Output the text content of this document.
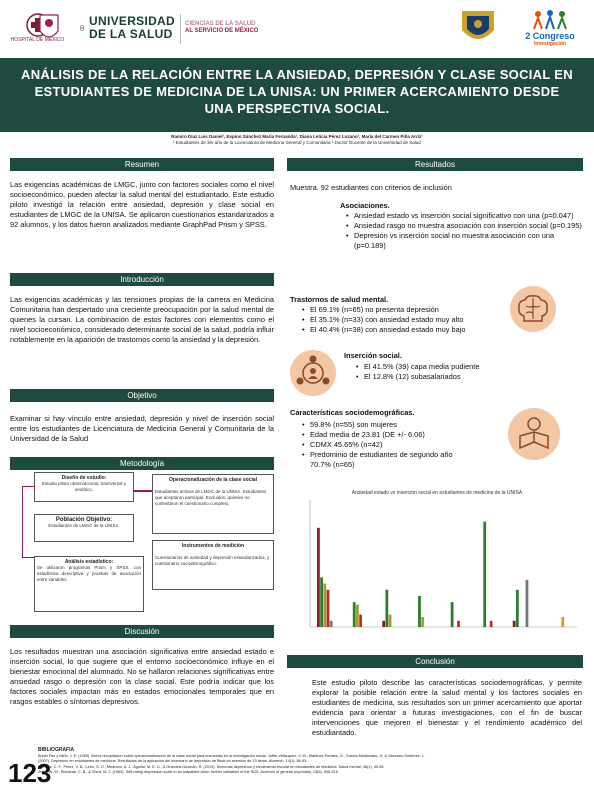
HOSPITAL DE MÉXICO
UNIVERSIDAD
DE LA SALUD
CIENCIAS DE LA SALUD
AL SERVICIO DE MÉXICO	2 Congreso
Investigación
ANÁLISIS DE LA RELACIÓN ENTRE LA ANSIEDAD, DEPRESIÓN Y CLASE SOCIAL EN ESTUDIANTES DE MEDICINA DE LA UNISA: UN PRIMER ACERCAMIENTO DESDE UNA PERSPECTIVA SOCIAL.
Ramiro Díaz Luis Daniel¹, Espino Sánchez María Fernanda¹, Diana Leticia Pérez Lozano², María del Carmen Piña Arriz²
¹ Estudiantes de 3er año de la Licenciatura de Medicina General y Comunitaria ² Doctor Docente de la Universidad de Salud
Resumen
Las exigencias académicas de LMGC, junto con factores sociales como el nivel socioeconómico, pueden afectar la salud mental del estudiantado. Este estudio piloto investigó la relación entre ansiedad, depresión y clase social en estudiantes de LMGC de la UNISA. Se aplicaron cuestionarios estandarizados a 92 alumnos, y los datos fueron analizados mediante GraphPad Prism y SPSS.
Introducción
Las exigencias académicas y las tensiones propias de la carrera en Medicina Comunitaria han despertado una creciente preocupación por la salud mental de quienes la cursan. La combinación de estos factores con elementos como el nivel socioeconómico, considerado determinante social de la salud, podría influir notablemente en la aparición de trastornos como la ansiedad y la depresión.
Objetivo
Examinar si hay vínculo entre ansiedad, depresión y nivel de inserción social entre los estudiantes de Licenciatura de Medicina General y Comunitaria de la Universidad de la Salud
Metodología
Diseño de estudio:
Estudio piloto observacional, transversal y analítico.
Población Objetivo:
Estudiantes de LMGC de la UNISA.
Análisis estadístico:
Se utilizaron programas Prism y SPSS, con estadística descriptiva y pruebas de asociación entre variables.
Operacionalización de la clase social
Estudiantes activos de LMGC de la UNISA. Estudiantes que aceptaron participar. Excluidos: quienes no contestaron el cuestionario completo.
Instrumentos de medición
Cuestionarios de ansiedad y depresión estandarizados, y cuestionario sociodemográfico.
Discusión
Los resultados muestran una asociación significativa entre ansiedad estado e inserción social, lo que sugiere que el entorno socioeconómico influye en el bienestar emocional del alumnado. No se hallaron relaciones significativas entre ansiedad rasgo o depresión con la clase social. Este podría indicar que los factores sociales impactan más en estados emocionales temporales que en rasgos estables o síntomas depresivos.
Resultados
Muestra. 92 estudiantes con criterios de inclusión
Asociaciones.
• Ansiedad estado vs inserción social significativo con una (p=0.047)
• Ansiedad rasgo no muestra asociación con inserción social (p=0.195)
• Depresión vs inserción social no muestra asociación con una (p=0.189)
Trastornos de salud mental.
• El 69.1% (n=65) no presenta depresión
• El 35.1% (n=33) con ansiedad estado muy alto
• El 40.4% (n=38) con ansiedad estado muy bajo
Inserción social.
• El 41.5% (39) capa media pudiente
• El 12.8% (12) subasalariados
Características sociodemográficas.
• 59.8% (n=55) son mujeres
• Edad media de 23.81 (DE +/- 6.06)
• CDMX 45.65% (n=42)
• Predominio de estudiantes de segundo año 70.7% (n=65)
Ansiedad estado vs inserción social en estudiantes de medicina de la UNISA
Conclusión
Este estudio piloto describe las características sociodemográficas, y permite explorar la posible relación entre la salud mental y los factores sociales en estudiantes de medicina, sus resultados son un primer acercamiento que aportar evidencia para orientar a futuras investigaciones, con el fin de buscar intervenciones que mejoren el bienestar y el rendimiento académico del estudiantado.
BIBLIOGRAFIA
Breilh Paz y Miño, J. E. (1989). Breve recopilación sobre operacionalización de la clase social para encuestas en la investigación social. Joffre-Velázquez, V. M., Martínez-Perales, G., García-Maldonado, G. & Sánchez-Gutiérrez, L.
(2007). Depresión en estudiantes de medicina. Resultados de la aplicación del inventario de depresión de Beck en aversión de 13 items. Alcmeon, 14(1), 86-93.
Morales, C. F., Pérez, V. B., Leόn, S. O., Medrano, A. J., Aguilar, M. E. U., & Guevara-Guzmán, R. (2013). Síntomas depresivos y rendimiento escolar en estudiantes de Medicina. Salud mental, 36(1), 59-65.
Zung, W. W., Richards, C. B., & Short, M. J. (1965). Self-rating depression scale in an outpatient clinic: further validation of the SDS. Archives of general psychiatry, 13(6), 508-515
123
